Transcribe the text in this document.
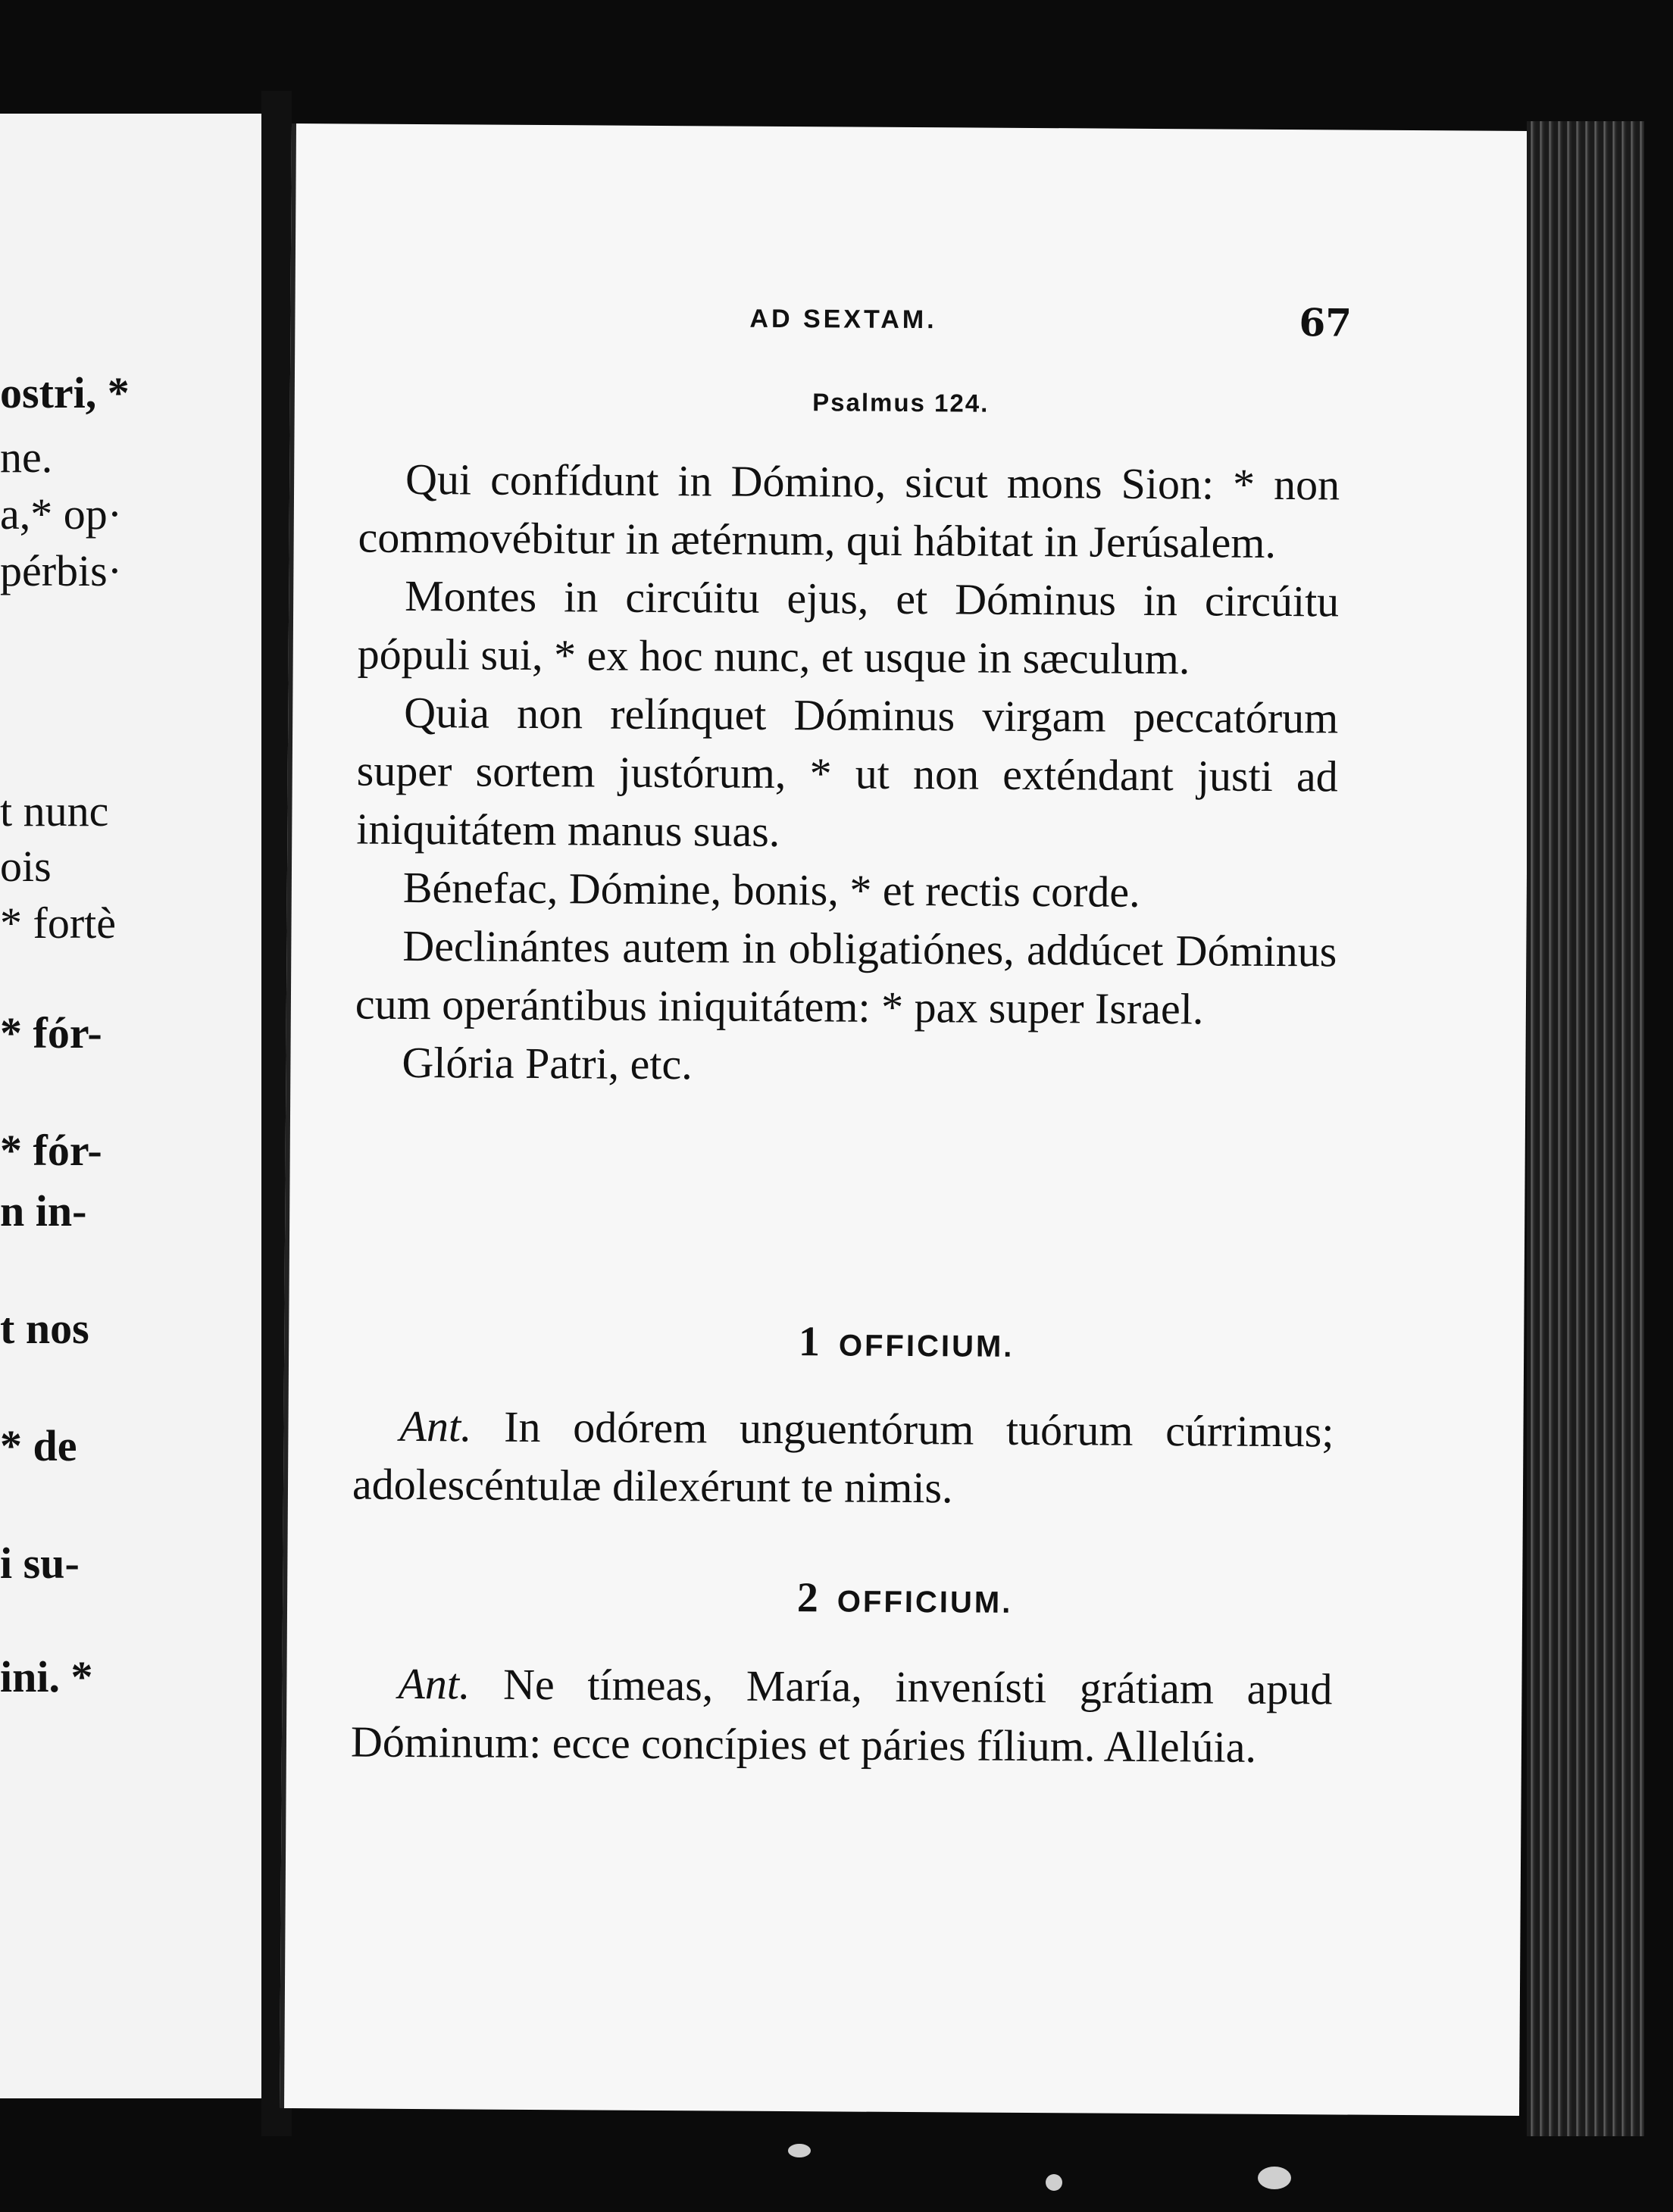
ostri, *
ne.
a,* op·
pérbis·
t nunc
ois
* fortè
* fór-
* fór-
n in-
t nos
* de
i su-
ini. *
AD SEXTAM.	67
Psalmus 124.

Qui confídunt in Dómino, sicut mons Sion: * non commovébitur in ætérnum, qui hábitat in Jerúsalem.

Montes in circúitu ejus, et Dóminus in circúitu pópuli sui, * ex hoc nunc, et usque in sæculum.

Quia non relínquet Dóminus virgam peccatórum super sortem justórum, * ut non exténdant justi ad iniquitátem manus suas.

Bénefac, Dómine, bonis, * et rectis corde.

Declinántes autem in obligatiónes, addúcet Dóminus cum operántibus iniquitátem: * pax super Israel.

Glória Patri, etc.

1 OFFICIUM.

Ant. In odórem unguentórum tuórum cúrrimus; adolescéntulæ dilexérunt te nimis.

2 OFFICIUM.

Ant. Ne tímeas, María, invenísti grátiam apud Dóminum: ecce concípies et páries fílium. Allelúia.
